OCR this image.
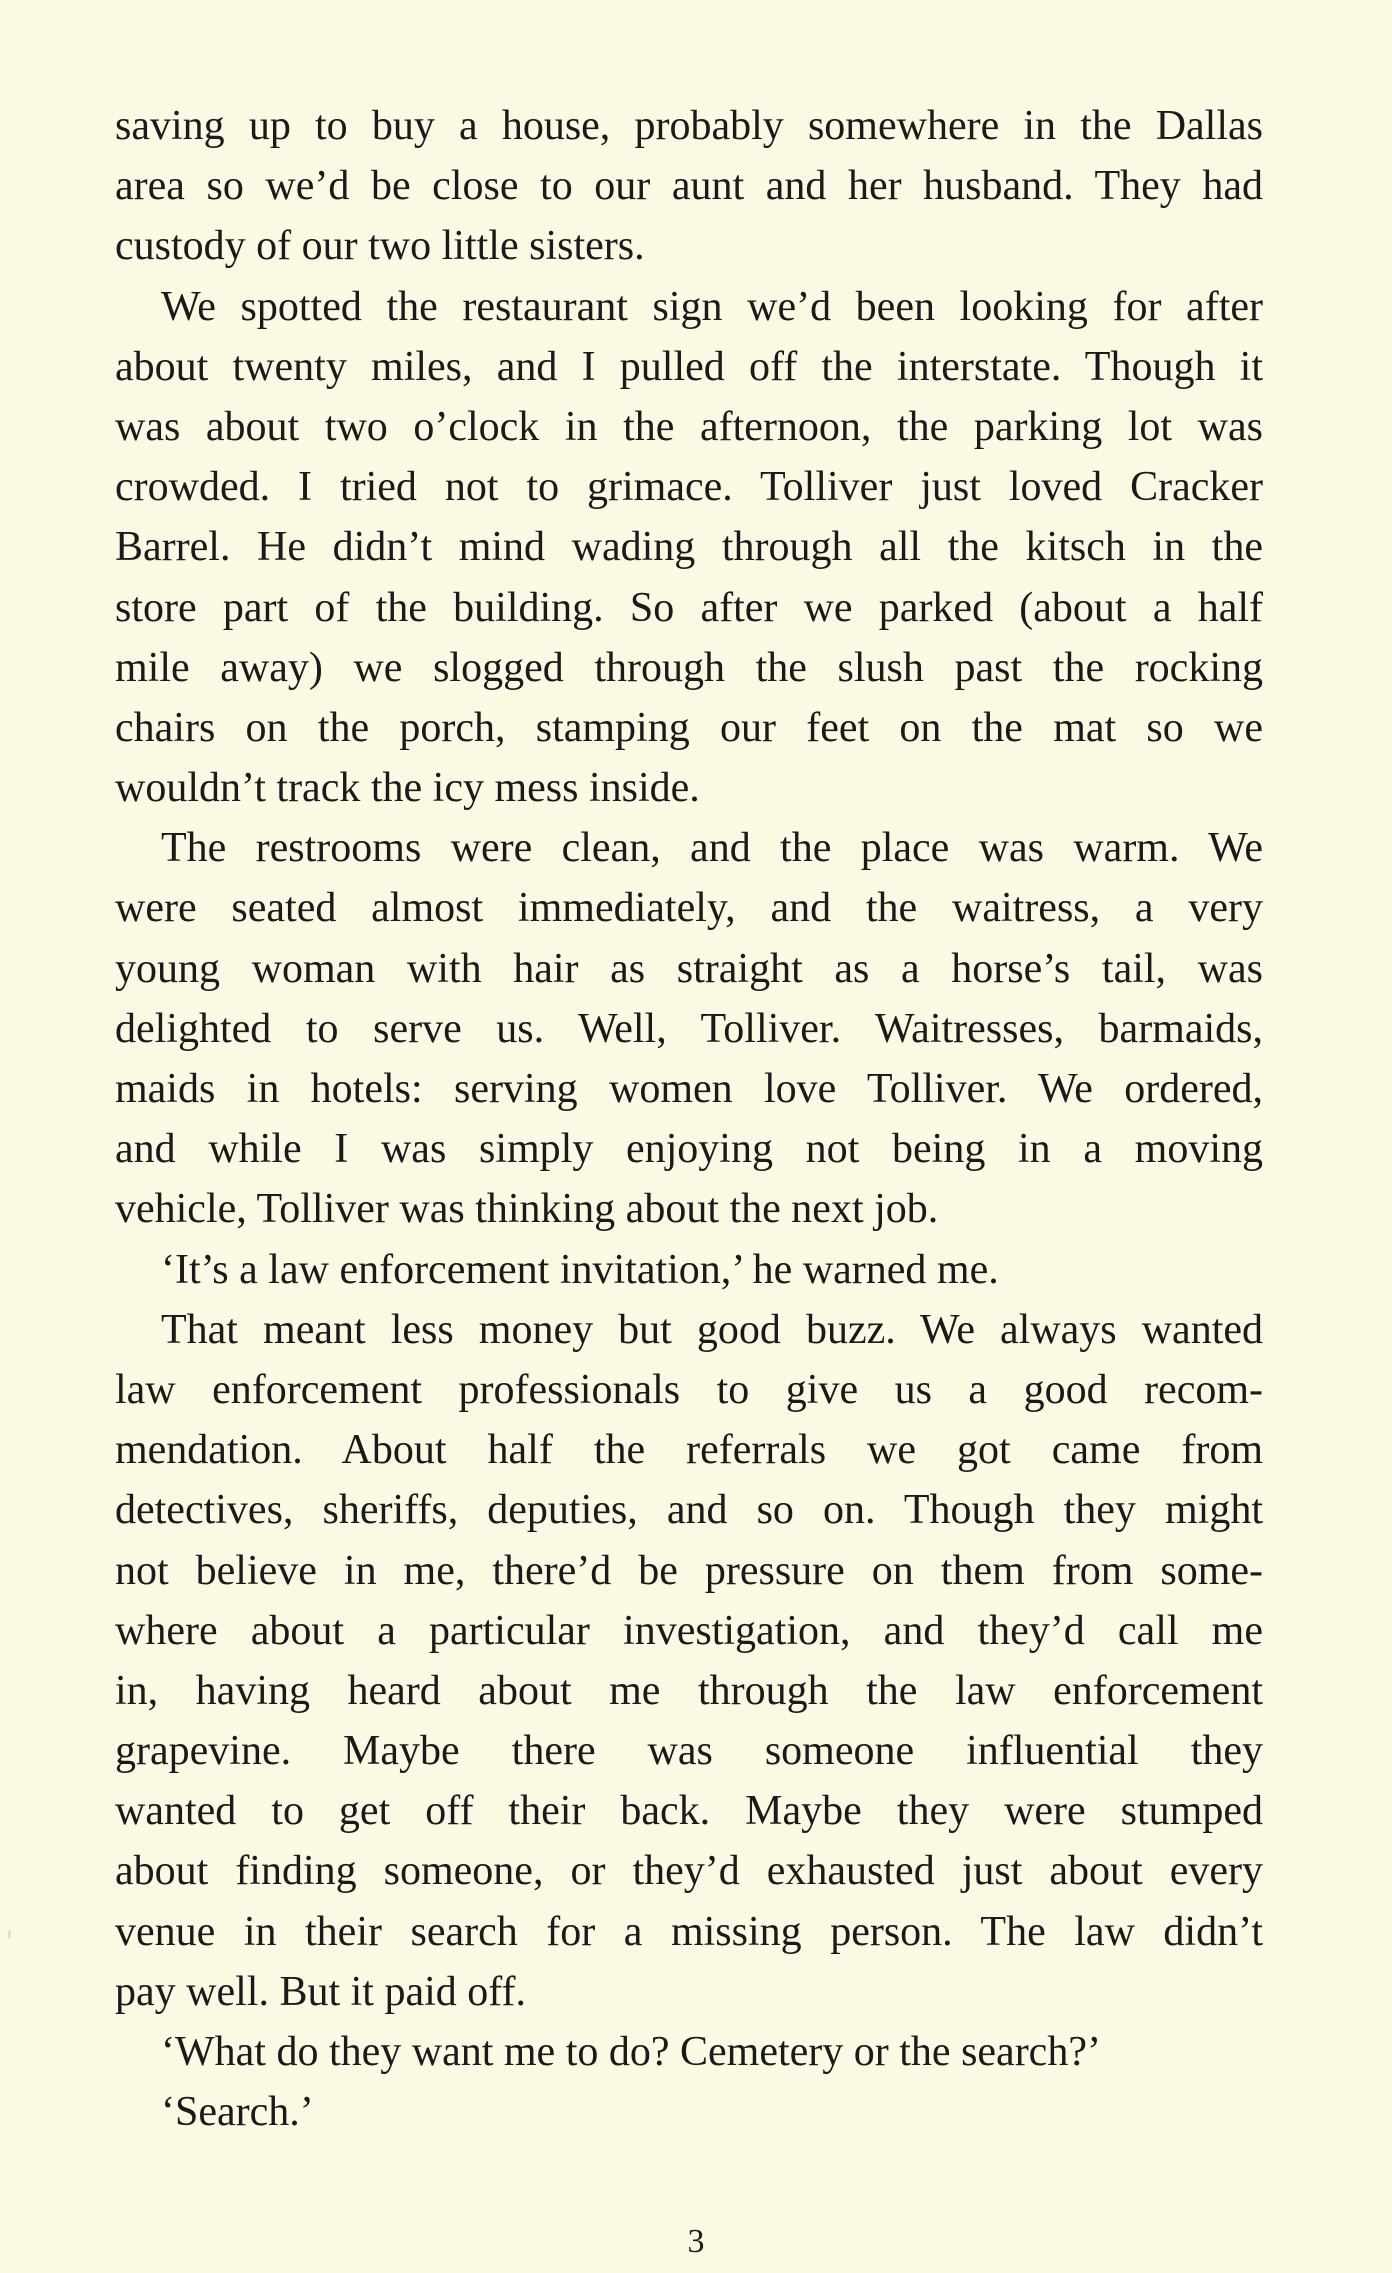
saving up to buy a house, probably somewhere in the Dallas
area so we’d be close to our aunt and her husband. They had
custody of our two little sisters.
We spotted the restaurant sign we’d been looking for after
about twenty miles, and I pulled off the interstate. Though it
was about two o’clock in the afternoon, the parking lot was
crowded. I tried not to grimace. Tolliver just loved Cracker
Barrel. He didn’t mind wading through all the kitsch in the
store part of the building. So after we parked (about a half
mile away) we slogged through the slush past the rocking
chairs on the porch, stamping our feet on the mat so we
wouldn’t track the icy mess inside.
The restrooms were clean, and the place was warm. We
were seated almost immediately, and the waitress, a very
young woman with hair as straight as a horse’s tail, was
delighted to serve us. Well, Tolliver. Waitresses, barmaids,
maids in hotels: serving women love Tolliver. We ordered,
and while I was simply enjoying not being in a moving
vehicle, Tolliver was thinking about the next job.
‘It’s a law enforcement invitation,’ he warned me.
That meant less money but good buzz. We always wanted
law enforcement professionals to give us a good recom-
mendation. About half the referrals we got came from
detectives, sheriffs, deputies, and so on. Though they might
not believe in me, there’d be pressure on them from some-
where about a particular investigation, and they’d call me
in, having heard about me through the law enforcement
grapevine. Maybe there was someone influential they
wanted to get off their back. Maybe they were stumped
about finding someone, or they’d exhausted just about every
venue in their search for a missing person. The law didn’t
pay well. But it paid off.
‘What do they want me to do? Cemetery or the search?’
‘Search.’
3
